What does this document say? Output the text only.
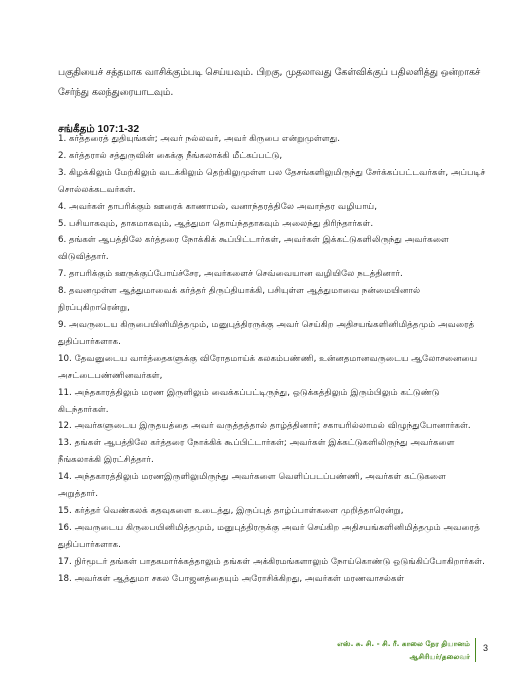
பகுதியைச் சத்தமாக வாசிக்கும்படி செய்யவும். பிறகு, முதலாவது கேள்விக்குப் பதிலளித்து ஒன்றாகச் சேர்ந்து கலந்துரையாடவும்.

சங்கீதம் 107:1-32
1. கர்த்தரைத் துதியுங்கள்; அவர் நல்லவர், அவர் கிருபை என்றுமுள்ளது.
2. கர்த்தரால் சத்துருவின் கைக்கு நீங்கலாக்கி மீட்கப்பட்டு,
3. கிழக்கிலும் மேற்கிலும் வடக்கிலும் தெற்கிலுமுள்ள பல தேசங்களிலுமிருந்து சேர்க்கப்பட்டவர்கள், அப்படிச் சொல்லக்கடவர்கள்.
4. அவர்கள் தாபரிக்கும் ஊரைக் காணாமல், வனாந்தரத்திலே அவாந்தர வழியாய்,
5. பசியாகவும், தாகமாகவும், ஆத்துமா தொய்ந்ததாகவும் அலைந்து திரிந்தார்கள்.
6. தங்கள் ஆபத்திலே கர்த்தரை நோக்கிக் கூப்பிட்டார்கள், அவர்கள் இக்கட்டுகளிலிருந்து அவர்களை விடுவித்தார்.
7. தாபரிக்கும் ஊருக்குப்போய்ச்சேர, அவர்களைச் செவ்வையான வழியிலே நடத்தினார்.
8. தவனமுள்ள ஆத்துமாவைக் கர்த்தர் திருப்தியாக்கி, பசியுள்ள ஆத்துமாவை நன்மையினால் நிரப்புகிறாரென்று,
9. அவருடைய கிருபையினிமித்தமும், மனுபுத்திரருக்கு அவர் செய்கிற அதிசயங்களினிமித்தமும் அவரைத் துதிப்பார்களாக.
10. தேவனுடைய வார்த்தைகளுக்கு விரோதமாய்க் கலகம்பண்ணி, உன்னதமானவருடைய ஆலோசனையை அசட்டைபண்ணினவர்கள்,
11. அந்தகாரத்திலும் மரண இருளிலும் வைக்கப்பட்டிருந்து, ஒடுக்கத்திலும் இரும்பிலும் கட்டுண்டு கிடந்தார்கள்.
12. அவர்களுடைய இருதயத்தை அவர் வருத்தத்தால் தாழ்த்தினார்; சகாயரில்லாமல் விழுந்துபோனார்கள்.
13. தங்கள் ஆபத்திலே கர்த்தரை நோக்கிக் கூப்பிட்டார்கள்; அவர்கள் இக்கட்டுகளிலிருந்து அவர்களை நீங்கலாக்கி இரட்சித்தார்.
14. அந்தகாரத்திலும் மரணஇருளிலுமிருந்து அவர்களை வெளிப்படப்பண்ணி, அவர்கள் கட்டுகளை அறுத்தார்.
15. கர்த்தர் வெண்கலக் கதவுகளை உடைத்து, இருப்புத் தாழ்ப்பாள்களை முறித்தாரென்று,
16. அவருடைய கிருபையினிமித்தமும், மனுபுத்திரருக்கு அவர் செய்கிற அதிசயங்களினிமித்தமும் அவரைத் துதிப்பார்களாக.
17. நிர்மூடர் தங்கள் பாதகமார்க்கத்தாலும் தங்கள் அக்கிரமங்களாலும் நோய்கொண்டு ஒடுங்கிப்போகிறார்கள்.
18. அவர்கள் ஆத்துமா சகல போஜனத்தையும் அரோசிக்கிறது, அவர்கள் மரணவாசல்கள்
எஸ். சு. சி. - சி. ரீ. காலை நேர தியானம்
ஆசிரியர்/தலைவர்
3
